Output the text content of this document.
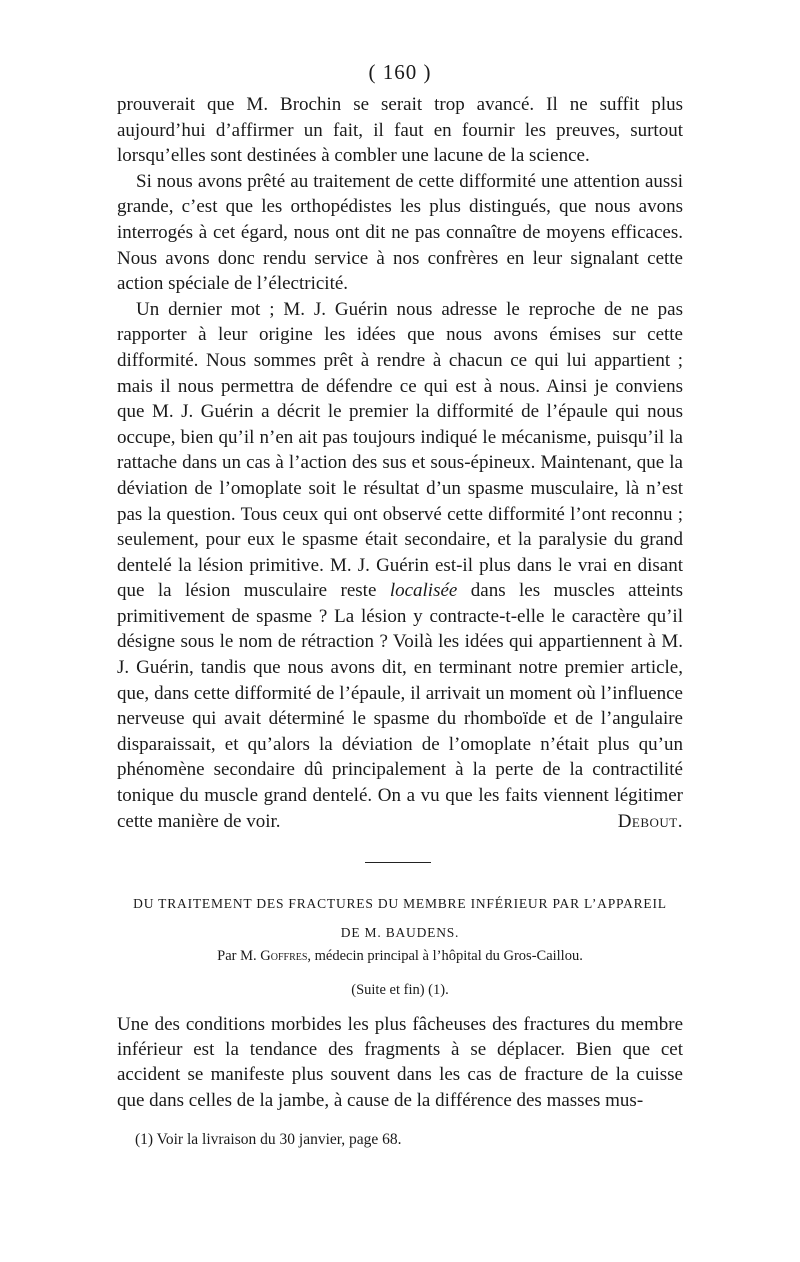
( 160 )

prouverait que M. Brochin se serait trop avancé. Il ne suffit plus aujourd’hui d’affirmer un fait, il faut en fournir les preuves, surtout lorsqu’elles sont destinées à combler une lacune de la science.

Si nous avons prêté au traitement de cette difformité une attention aussi grande, c’est que les orthopédistes les plus distingués, que nous avons interrogés à cet égard, nous ont dit ne pas connaître de moyens efficaces. Nous avons donc rendu service à nos confrères en leur signalant cette action spéciale de l’électricité.

Un dernier mot ; M. J. Guérin nous adresse le reproche de ne pas rapporter à leur origine les idées que nous avons émises sur cette difformité. Nous sommes prêt à rendre à chacun ce qui lui appartient ; mais il nous permettra de défendre ce qui est à nous. Ainsi je conviens que M. J. Guérin a décrit le premier la difformité de l’épaule qui nous occupe, bien qu’il n’en ait pas toujours indiqué le mécanisme, puisqu’il la rattache dans un cas à l’action des sus et sous-épineux. Maintenant, que la déviation de l’omoplate soit le résultat d’un spasme musculaire, là n’est pas la question. Tous ceux qui ont observé cette difformité l’ont reconnu ; seulement, pour eux le spasme était secondaire, et la paralysie du grand dentelé la lésion primitive. M. J. Guérin est-il plus dans le vrai en disant que la lésion musculaire reste localisée dans les muscles atteints primitivement de spasme ? La lésion y contracte-t-elle le caractère qu’il désigne sous le nom de rétraction ? Voilà les idées qui appartiennent à M. J. Guérin, tandis que nous avons dit, en terminant notre premier article, que, dans cette difformité de l’épaule, il arrivait un moment où l’influence nerveuse qui avait déterminé le spasme du rhomboïde et de l’angulaire disparaissait, et qu’alors la déviation de l’omoplate n’était plus qu’un phénomène secondaire dû principalement à la perte de la contractilité tonique du muscle grand dentelé. On a vu que les faits viennent légitimer cette manière de voir.	Debout.

DU TRAITEMENT DES FRACTURES DU MEMBRE INFÉRIEUR PAR L’APPAREIL
DE M. BAUDENS.
Par M. Goffres, médecin principal à l’hôpital du Gros-Caillou.
(Suite et fin) (1).

Une des conditions morbides les plus fâcheuses des fractures du membre inférieur est la tendance des fragments à se déplacer. Bien que cet accident se manifeste plus souvent dans les cas de fracture de la cuisse que dans celles de la jambe, à cause de la différence des masses mus-

(1) Voir la livraison du 30 janvier, page 68.
